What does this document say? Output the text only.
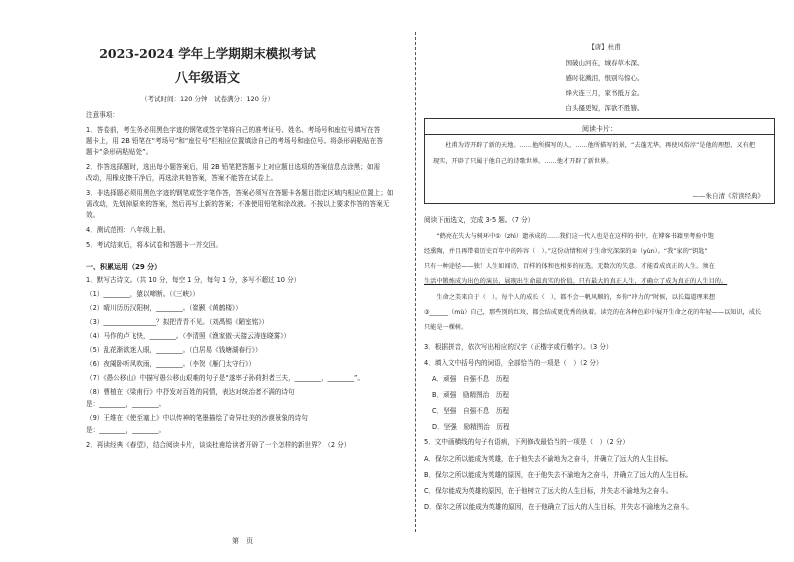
2023-2024 学年上学期期末模拟考试
八年级语文
（考试时间：120 分钟　试卷满分：120 分）
注意事项：
1．答卷前，考生务必用黑色字迹的钢笔或签字笔将自己的准考证号、姓名、考场号和座位号填写在答
题卡上，用 2B 铅笔在“考场号”和“座位号”栏相应位置填涂自己的考场号和座位号。将条形码粘贴在答
题卡“条形码粘贴处”。
2．作答选择题时，选出每小题答案后，用 2B 铅笔把答题卡上对应题目选项的答案信息点涂黑；如需
改动，用橡皮擦干净后，再选涂其他答案，答案不能答在试卷上。
3．非选择题必须用黑色字迹的钢笔或签字笔作答，答案必须写在答题卡各题目指定区域内相应位置上；如
需改动，先划掉原来的答案，然后再写上新的答案；不准使用铅笔和涂改液。不按以上要求作答的答案无
效。
4．测试范围：八年级上册。
5．考试结束后，将本试卷和答题卡一并交回。
一、积累运用（29 分）
1．默写古诗文。（共 10 分，每空 1 分，每句 1 分，多写不超过 10 分）
（1）________，猿以啼断。（《三峡》）
（2）晴川历历汉阳树，________。（崔颢《黄鹤楼》）
（3）________________？拟把青青不见。（刘禹锡《陋室铭》）
（4）马作的卢飞快，________。（李清照《渔家傲·天接云涛连晓雾》）
（5）乱花渐欲迷人眼，________。（白居易《钱塘湖春行》）
（6）夜阑卧听风吹雨，________。（李贺《雁门太守行》）
（7）《愚公移山》中描写愚公移山艰难的句子是“遂率子孙荷担者三夫，________，________”。
（8）曹植在《梁甫行》中抒发对百姓的同情，表达对统治者不满的诗句
是：________，________。
（9）王维在《使至塞上》中以传神的笔墨描绘了奇异壮美的沙漠景象的诗句
是：________，________。
2．再读经典《春望》，结合阅读卡片，谈谈杜甫给读者开辟了一个怎样的新世界？（2 分）
第　页
【唐】杜甫
国破山河在，城春草木深。
感时花溅泪，恨别鸟惊心。
烽火连三月，家书抵万金。
白头搔更短，浑欲不胜簪。
阅读卡片：
　　杜甫为诗开辟了新的天地。……他所描写的人，……他所描写的景，“去蓬无华，再使风俗淳”是他的理想，又有把
现实，开辟了只属于他自己的诗歌世界。……他才开辟了新世界。
——朱自清《常读经典》
阅读下面选文，完成 3-5 题。（7 分）
　　“鹤亮在失大与树环中①（zhì）遗承成的……我们这一代人也是在这样的书中，在博客书籍里考验中饱
经熏陶，并且再带着历史百年中的阵容（　）。”这份动情和对于生命究深深的②（yùn）。“我”家的“钥匙”
只有一种途径——独！人生如闻诗，百样的体和也相多的征选，无数次的失意。才能看成真正的人生。须在
生活中锻炼成为出色的演员，展现出生命最真实的价值。只有最大的真正人生，才确立了成为真正的人生目的。
　　生命之美来自于（　）。每个人的成长（　），都不会一帆风顺的，乡你“冲力的”时候，以长篇道理来想
③______（mù）自己，那些别的红玫，都会结成更优秀的执着。读完的在各种色彩中展开生命之花的年轻——以知识，成长
只能是一棵树。
3．根据拼音，依次写出相应的汉字（正楷字或行楷字）。（3 分）
4．填入文中括号内的词语，全部恰当的一项是（　）（2 分）
A．顽强　自强不息　历程
B．顽强　励精图治　历程
C．坚强　自强不息　历程
D．坚强　励精图治　历程
5．文中画横线的句子有语病，下列修改最恰当的一项是（　）（2 分）
A．保尔之所以能成为英雄，在于他失去不渝地为之奋斗，并确立了远大的人生目标。
B．保尔之所以能成为英雄的原因，在于他失去不渝地为之奋斗，并确立了远大的人生目标。
C．保尔能成为英雄的原因，在于他树立了远大的人生目标，并失志不渝地为之奋斗。
D．保尔之所以能成为英雄的原因，在于他确立了远大的人生目标，并失志不渝地为之奋斗。
